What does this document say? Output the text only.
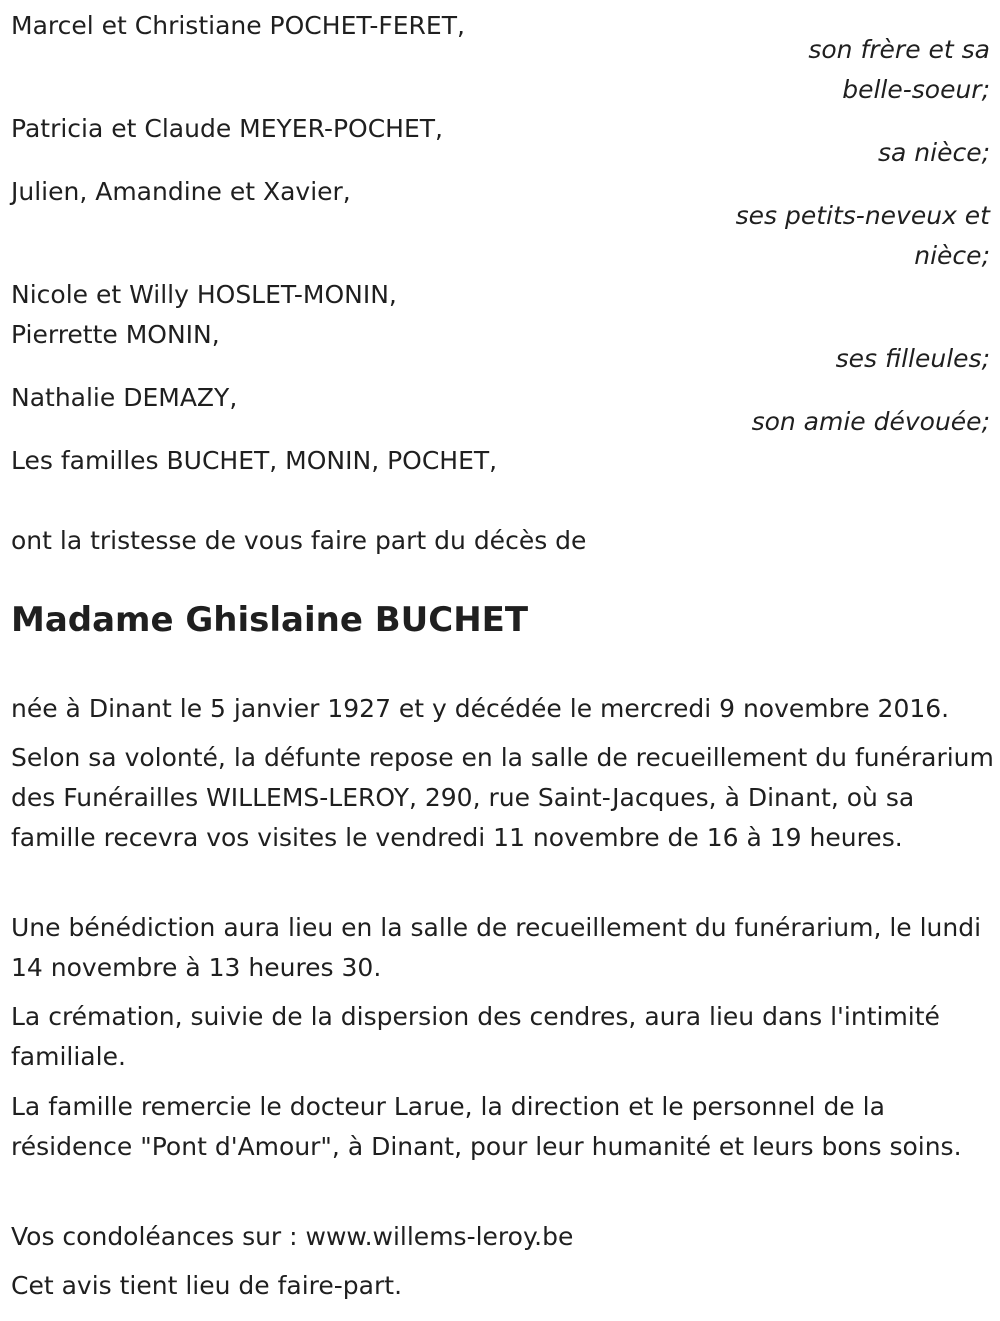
Marcel et Christiane POCHET-FERET,

son frère et sa

belle-soeur;

Patricia et Claude MEYER-POCHET,

sa nièce;

Julien, Amandine et Xavier,

ses petits-neveux et

nièce;

Nicole et Willy HOSLET-MONIN,

Pierrette MONIN,

ses filleules;

Nathalie DEMAZY,

son amie dévouée;

Les familles BUCHET, MONIN, POCHET,

ont la tristesse de vous faire part du décès de

Madame Ghislaine BUCHET

née à Dinant le 5 janvier 1927 et y décédée le mercredi 9 novembre 2016.

Selon sa volonté, la défunte repose en la salle de recueillement du funérarium des Funérailles WILLEMS-LEROY, 290, rue Saint-Jacques, à Dinant, où sa famille recevra vos visites le vendredi 11 novembre de 16 à 19 heures.

Une bénédiction aura lieu en la salle de recueillement du funérarium, le lundi 14 novembre à 13 heures 30.

La crémation, suivie de la dispersion des cendres, aura lieu dans l'intimité familiale.

La famille remercie le docteur Larue, la direction et le personnel de la résidence "Pont d'Amour", à Dinant, pour leur humanité et leurs bons soins.

Vos condoléances sur : www.willems-leroy.be

Cet avis tient lieu de faire-part.
